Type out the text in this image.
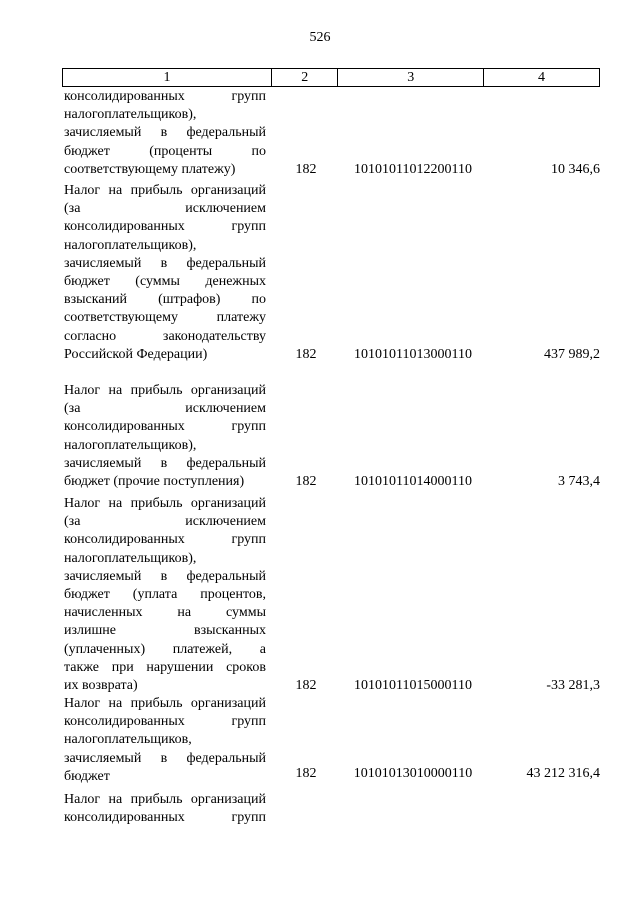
526
1	2	3	4
консолидированных групп
налогоплательщиков),
зачисляемый в федеральный
бюджет (проценты по
соответствующему платежу)	182	10101011012200110	10 346,6
Налог на прибыль организаций
(за исключением
консолидированных групп
налогоплательщиков),
зачисляемый в федеральный
бюджет (суммы денежных
взысканий (штрафов) по
соответствующему платежу
согласно законодательству
Российской Федерации)	182	10101011013000110	437 989,2
Налог на прибыль организаций
(за исключением
консолидированных групп
налогоплательщиков),
зачисляемый в федеральный
бюджет (прочие поступления)	182	10101011014000110	3 743,4
Налог на прибыль организаций
(за исключением
консолидированных групп
налогоплательщиков),
зачисляемый в федеральный
бюджет (уплата процентов,
начисленных на суммы
излишне взысканных
(уплаченных) платежей, а
также при нарушении сроков
их возврата)	182	10101011015000110	-33 281,3
Налог на прибыль организаций
консолидированных групп
налогоплательщиков,
зачисляемый в федеральный
бюджет	182	10101013010000110	43 212 316,4
Налог на прибыль организаций
консолидированных групп
